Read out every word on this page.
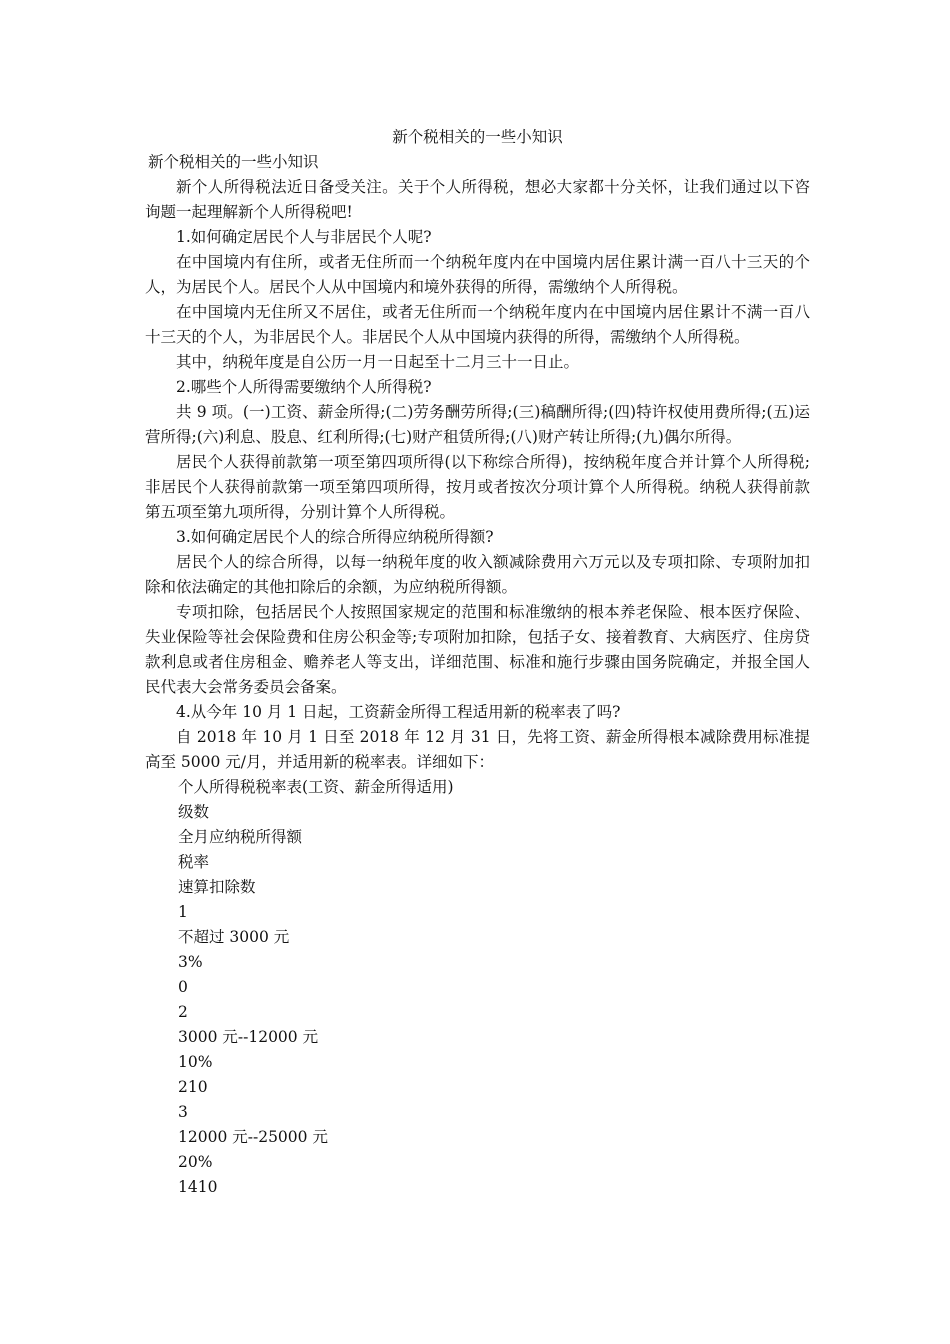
新个税相关的一些小知识

新个税相关的一些小知识

新个人所得税法近日备受关注。关于个人所得税，想必大家都十分关怀，让我们通过以下咨询题一起理解新个人所得税吧!

1.如何确定居民个人与非居民个人呢?

在中国境内有住所，或者无住所而一个纳税年度内在中国境内居住累计满一百八十三天的个人，为居民个人。居民个人从中国境内和境外获得的所得，需缴纳个人所得税。

在中国境内无住所又不居住，或者无住所而一个纳税年度内在中国境内居住累计不满一百八十三天的个人，为非居民个人。非居民个人从中国境内获得的所得，需缴纳个人所得税。

其中，纳税年度是自公历一月一日起至十二月三十一日止。

2.哪些个人所得需要缴纳个人所得税?

共 9 项。(一)工资、薪金所得;(二)劳务酬劳所得;(三)稿酬所得;(四)特许权使用费所得;(五)运营所得;(六)利息、股息、红利所得;(七)财产租赁所得;(八)财产转让所得;(九)偶尔所得。

居民个人获得前款第一项至第四项所得(以下称综合所得)，按纳税年度合并计算个人所得税;非居民个人获得前款第一项至第四项所得，按月或者按次分项计算个人所得税。纳税人获得前款第五项至第九项所得，分别计算个人所得税。

3.如何确定居民个人的综合所得应纳税所得额?

居民个人的综合所得，以每一纳税年度的收入额减除费用六万元以及专项扣除、专项附加扣除和依法确定的其他扣除后的余额，为应纳税所得额。

专项扣除，包括居民个人按照国家规定的范围和标准缴纳的根本养老保险、根本医疗保险、失业保险等社会保险费和住房公积金等;专项附加扣除，包括子女、接着教育、大病医疗、住房贷款利息或者住房租金、赡养老人等支出，详细范围、标准和施行步骤由国务院确定，并报全国人民代表大会常务委员会备案。

4.从今年 10 月 1 日起，工资薪金所得工程适用新的税率表了吗?

自 2018 年 10 月 1 日至 2018 年 12 月 31 日，先将工资、薪金所得根本减除费用标准提高至 5000 元/月，并适用新的税率表。详细如下：

个人所得税税率表(工资、薪金所得适用)

级数

全月应纳税所得额

税率

速算扣除数

1

不超过 3000 元

3%

0

2

3000 元--12000 元

10%

210

3

12000 元--25000 元

20%

1410
